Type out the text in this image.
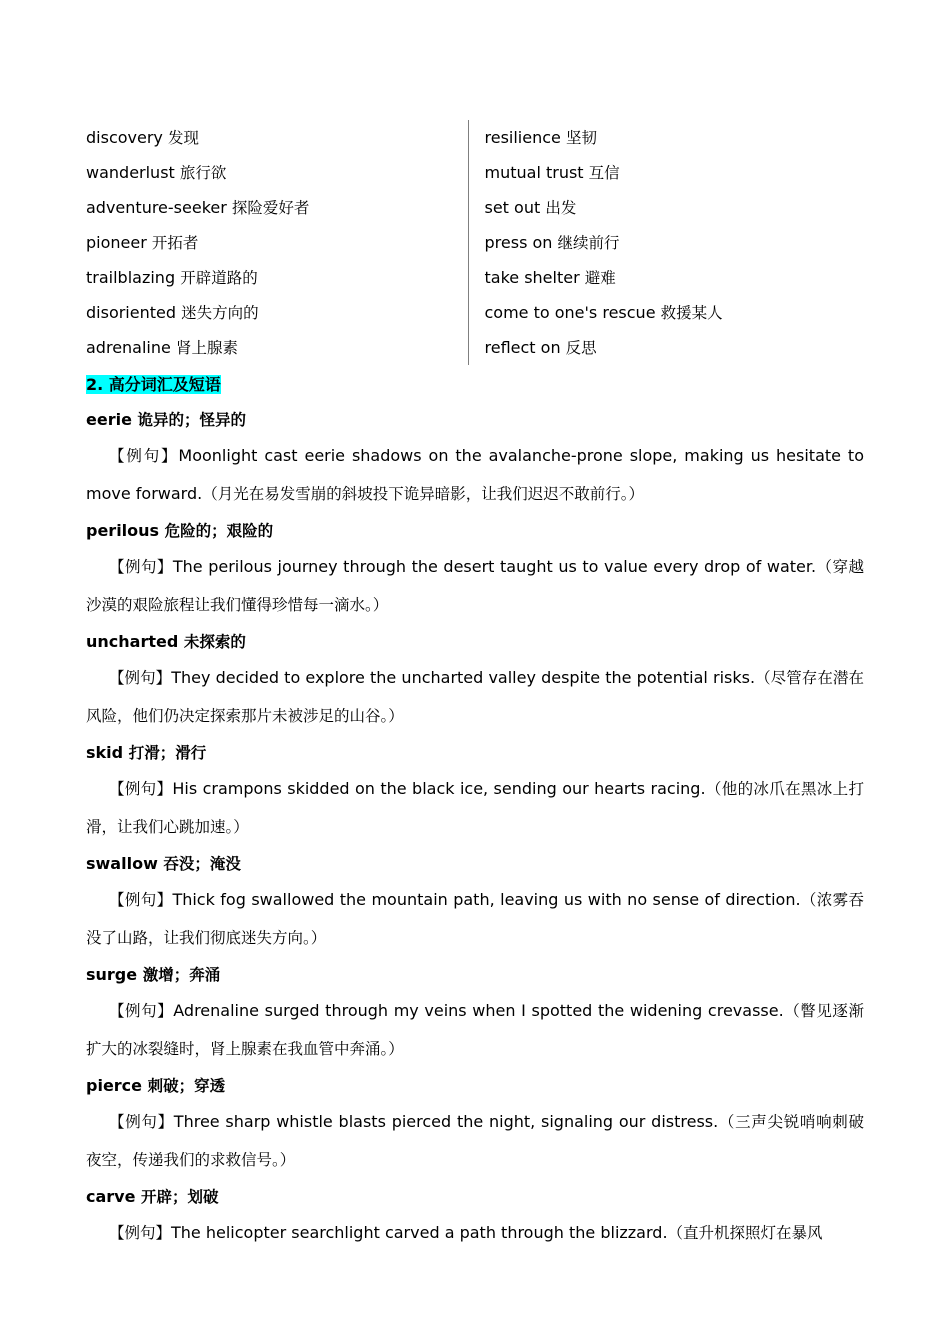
discovery 发现
wanderlust 旅行欲
adventure-seeker 探险爱好者
pioneer 开拓者
trailblazing 开辟道路的
disoriented 迷失方向的
adrenaline 肾上腺素
resilience 坚韧
mutual trust 互信
set out 出发
press on 继续前行
take shelter 避难
come to one's rescue 救援某人
reflect on 反思
2. 高分词汇及短语
eerie 诡异的；怪异的

【例句】Moonlight cast eerie shadows on the avalanche-prone slope, making us hesitate to move forward.（月光在易发雪崩的斜坡投下诡异暗影，让我们迟迟不敢前行。）

perilous 危险的；艰险的

【例句】The perilous journey through the desert taught us to value every drop of water.（穿越沙漠的艰险旅程让我们懂得珍惜每一滴水。）

uncharted 未探索的

【例句】They decided to explore the uncharted valley despite the potential risks.（尽管存在潜在风险，他们仍决定探索那片未被涉足的山谷。）

skid 打滑；滑行

【例句】His crampons skidded on the black ice, sending our hearts racing.（他的冰爪在黑冰上打滑，让我们心跳加速。）

swallow 吞没；淹没

【例句】Thick fog swallowed the mountain path, leaving us with no sense of direction.（浓雾吞没了山路，让我们彻底迷失方向。）

surge 激增；奔涌

【例句】Adrenaline surged through my veins when I spotted the widening crevasse.（瞥见逐渐扩大的冰裂缝时，肾上腺素在我血管中奔涌。）

pierce 刺破；穿透

【例句】Three sharp whistle blasts pierced the night, signaling our distress.（三声尖锐哨响刺破夜空，传递我们的求救信号。）

carve 开辟；划破

【例句】The helicopter searchlight carved a path through the blizzard.（直升机探照灯在暴风
